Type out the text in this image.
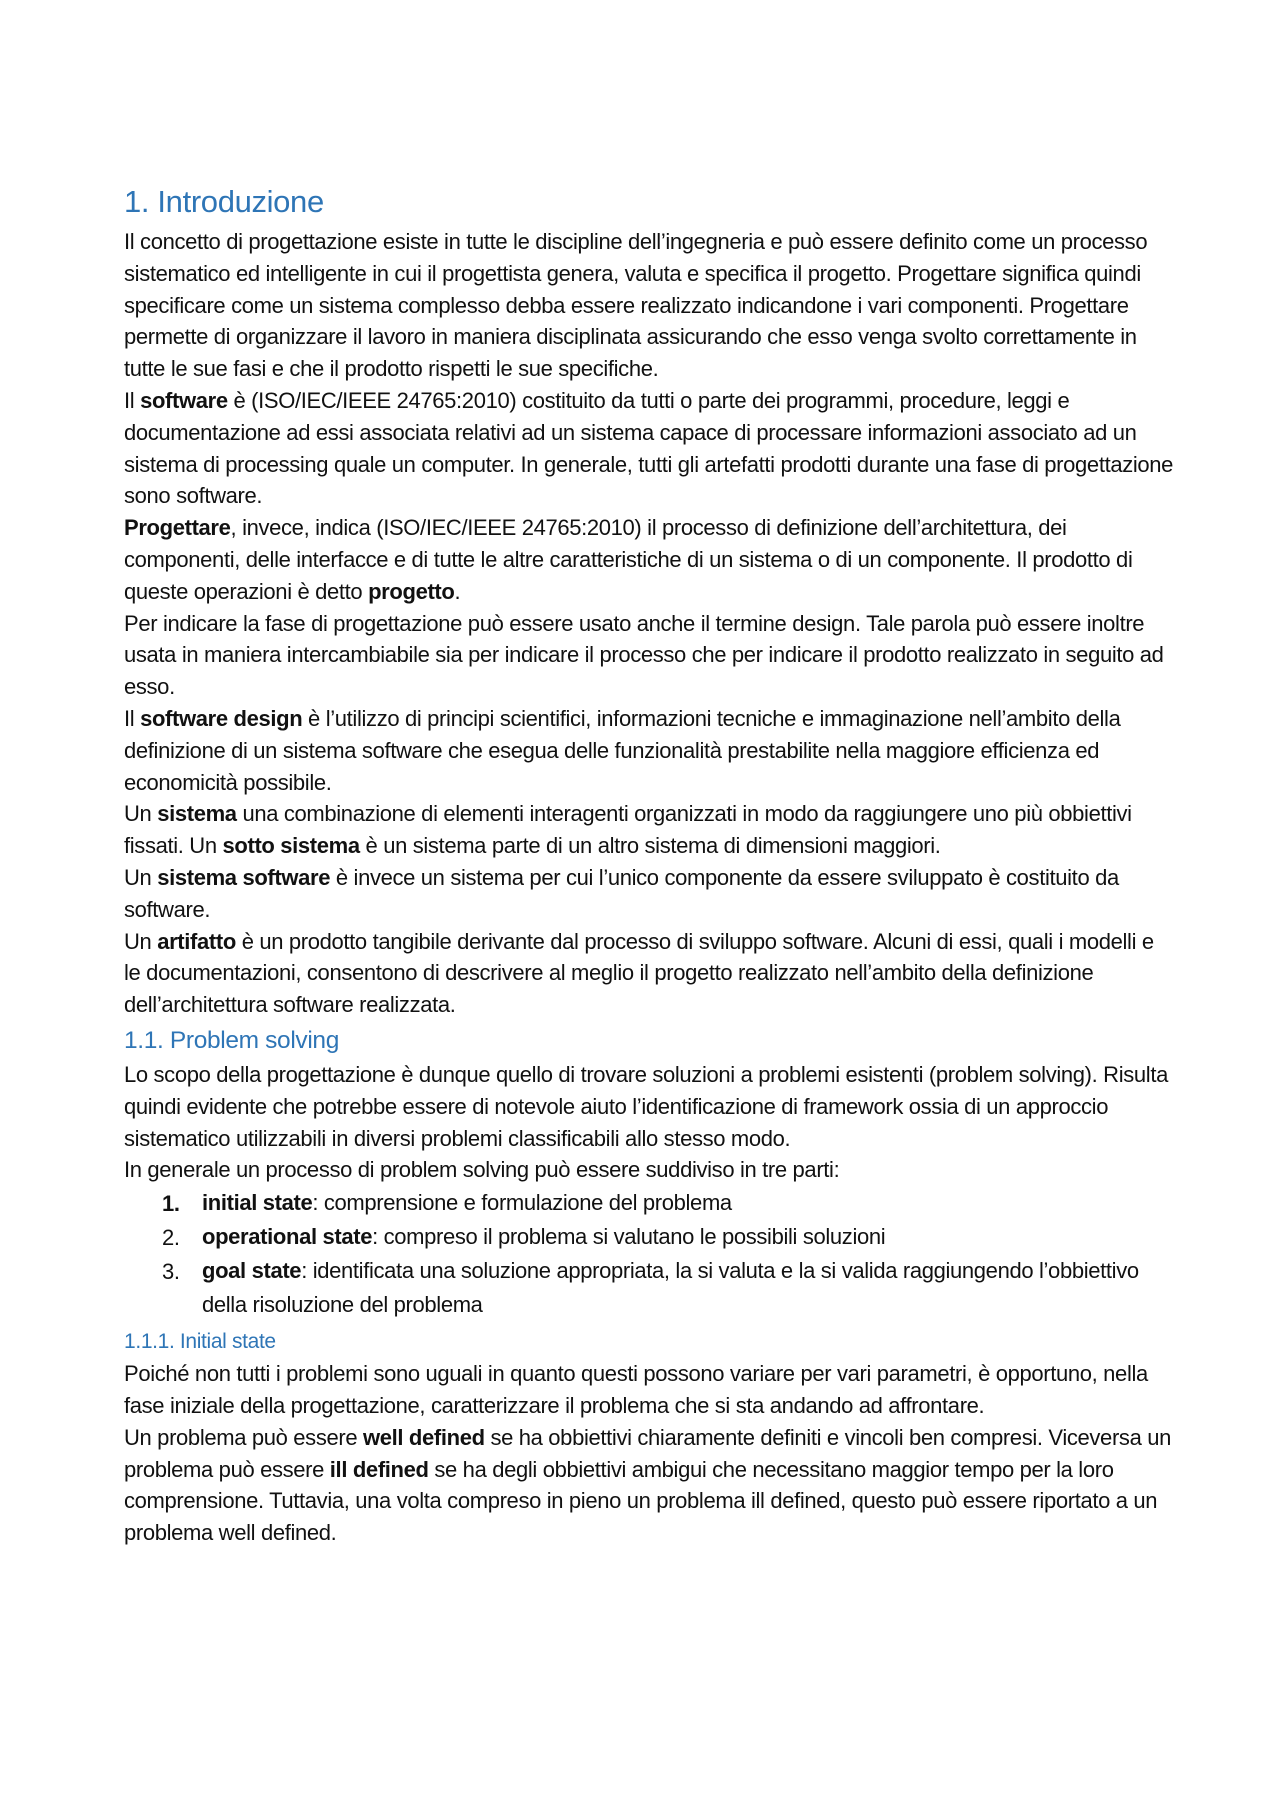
1. Introduzione

Il concetto di progettazione esiste in tutte le discipline dell’ingegneria e può essere definito come un processo sistematico ed intelligente in cui il progettista genera, valuta e specifica il progetto. Progettare significa quindi specificare come un sistema complesso debba essere realizzato indicandone i vari componenti. Progettare permette di organizzare il lavoro in maniera disciplinata assicurando che esso venga svolto correttamente in tutte le sue fasi e che il prodotto rispetti le sue specifiche.

Il software è (ISO/IEC/IEEE 24765:2010) costituito da tutti o parte dei programmi, procedure, leggi e documentazione ad essi associata relativi ad un sistema capace di processare informazioni associato ad un sistema di processing quale un computer. In generale, tutti gli artefatti prodotti durante una fase di progettazione sono software.

Progettare, invece, indica (ISO/IEC/IEEE 24765:2010) il processo di definizione dell’architettura, dei componenti, delle interfacce e di tutte le altre caratteristiche di un sistema o di un componente. Il prodotto di queste operazioni è detto progetto.

Per indicare la fase di progettazione può essere usato anche il termine design. Tale parola può essere inoltre usata in maniera intercambiabile sia per indicare il processo che per indicare il prodotto realizzato in seguito ad esso.

Il software design è l’utilizzo di principi scientifici, informazioni tecniche e immaginazione nell’ambito della definizione di un sistema software che esegua delle funzionalità prestabilite nella maggiore efficienza ed economicità possibile.

Un sistema una combinazione di elementi interagenti organizzati in modo da raggiungere uno più obbiettivi fissati. Un sotto sistema è un sistema parte di un altro sistema di dimensioni maggiori.

Un sistema software è invece un sistema per cui l’unico componente da essere sviluppato è costituito da software.

Un artifatto è un prodotto tangibile derivante dal processo di sviluppo software. Alcuni di essi, quali i modelli e le documentazioni, consentono di descrivere al meglio il progetto realizzato nell’ambito della definizione dell’architettura software realizzata.

1.1. Problem solving

Lo scopo della progettazione è dunque quello di trovare soluzioni a problemi esistenti (problem solving). Risulta quindi evidente che potrebbe essere di notevole aiuto l’identificazione di framework ossia di un approccio sistematico utilizzabili in diversi problemi classificabili allo stesso modo.

In generale un processo di problem solving può essere suddiviso in tre parti:

1. initial state: comprensione e formulazione del problema
2. operational state: compreso il problema si valutano le possibili soluzioni
3. goal state: identificata una soluzione appropriata, la si valuta e la si valida raggiungendo l’obbiettivo della risoluzione del problema
1.1.1. Initial state

Poiché non tutti i problemi sono uguali in quanto questi possono variare per vari parametri, è opportuno, nella fase iniziale della progettazione, caratterizzare il problema che si sta andando ad affrontare.

Un problema può essere well defined se ha obbiettivi chiaramente definiti e vincoli ben compresi. Viceversa un problema può essere ill defined se ha degli obbiettivi ambigui che necessitano maggior tempo per la loro comprensione. Tuttavia, una volta compreso in pieno un problema ill defined, questo può essere riportato a un problema well defined.
